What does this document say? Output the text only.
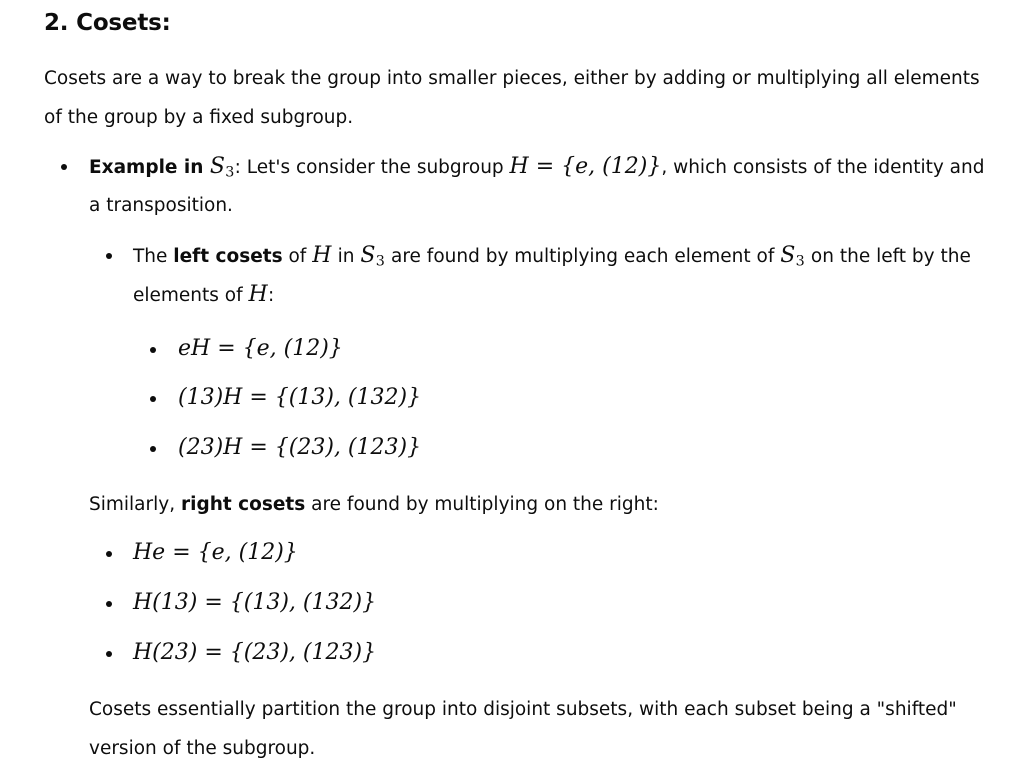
2. Cosets:
Cosets are a way to break the group into smaller pieces, either by adding or multiplying all elements
of the group by a fixed subgroup.
Example in $S_3$: Let's consider the subgroup H = {e, (12)}, which consists of the identity and
a transposition.
The left cosets of H in $S_3$ are found by multiplying each element of $S_3$ on the left by the
elements of H:
eH = {e, (12)}
(13)H = {(13), (132)}
(23)H = {(23), (123)}
Similarly, right cosets are found by multiplying on the right:
He = {e, (12)}
H(13) = {(13), (132)}
H(23) = {(23), (123)}
Cosets essentially partition the group into disjoint subsets, with each subset being a "shifted"
version of the subgroup.
